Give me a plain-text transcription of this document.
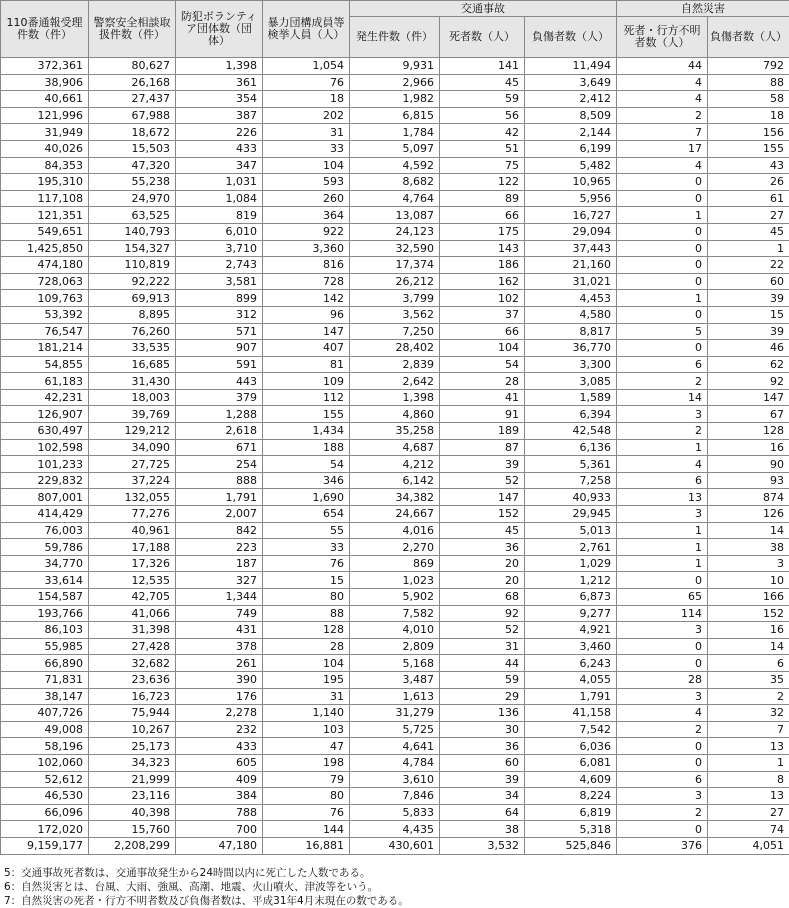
110番通報受理件数（件）	警察安全相談取扱件数（件）	防犯ボランティア団体数（団体）	暴力団構成員等検挙人員（人）	交通事故			自然災害	
				発生件数（件）	死者数（人）	負傷者数（人）	死者・行方不明者数（人）	負傷者数（人）
372,361	80,627	1,398	1,054	9,931	141	11,494	44	792
38,906	26,168	361	76	2,966	45	3,649	4	88
40,661	27,437	354	18	1,982	59	2,412	4	58
121,996	67,988	387	202	6,815	56	8,509	2	18
31,949	18,672	226	31	1,784	42	2,144	7	156
40,026	15,503	433	33	5,097	51	6,199	17	155
84,353	47,320	347	104	4,592	75	5,482	4	43
195,310	55,238	1,031	593	8,682	122	10,965	0	26
117,108	24,970	1,084	260	4,764	89	5,956	0	61
121,351	63,525	819	364	13,087	66	16,727	1	27
549,651	140,793	6,010	922	24,123	175	29,094	0	45
1,425,850	154,327	3,710	3,360	32,590	143	37,443	0	1
474,180	110,819	2,743	816	17,374	186	21,160	0	22
728,063	92,222	3,581	728	26,212	162	31,021	0	60
109,763	69,913	899	142	3,799	102	4,453	1	39
53,392	8,895	312	96	3,562	37	4,580	0	15
76,547	76,260	571	147	7,250	66	8,817	5	39
181,214	33,535	907	407	28,402	104	36,770	0	46
54,855	16,685	591	81	2,839	54	3,300	6	62
61,183	31,430	443	109	2,642	28	3,085	2	92
42,231	18,003	379	112	1,398	41	1,589	14	147
126,907	39,769	1,288	155	4,860	91	6,394	3	67
630,497	129,212	2,618	1,434	35,258	189	42,548	2	128
102,598	34,090	671	188	4,687	87	6,136	1	16
101,233	27,725	254	54	4,212	39	5,361	4	90
229,832	37,224	888	346	6,142	52	7,258	6	93
807,001	132,055	1,791	1,690	34,382	147	40,933	13	874
414,429	77,276	2,007	654	24,667	152	29,945	3	126
76,003	40,961	842	55	4,016	45	5,013	1	14
59,786	17,188	223	33	2,270	36	2,761	1	38
34,770	17,326	187	76	869	20	1,029	1	3
33,614	12,535	327	15	1,023	20	1,212	0	10
154,587	42,705	1,344	80	5,902	68	6,873	65	166
193,766	41,066	749	88	7,582	92	9,277	114	152
86,103	31,398	431	128	4,010	52	4,921	3	16
55,985	27,428	378	28	2,809	31	3,460	0	14
66,890	32,682	261	104	5,168	44	6,243	0	6
71,831	23,636	390	195	3,487	59	4,055	28	35
38,147	16,723	176	31	1,613	29	1,791	3	2
407,726	75,944	2,278	1,140	31,279	136	41,158	4	32
49,008	10,267	232	103	5,725	30	7,542	2	7
58,196	25,173	433	47	4,641	36	6,036	0	13
102,060	34,323	605	198	4,784	60	6,081	0	1
52,612	21,999	409	79	3,610	39	4,609	6	8
46,530	23,116	384	80	7,846	34	8,224	3	13
66,096	40,398	788	76	5,833	64	6,819	2	27
172,020	15,760	700	144	4,435	38	5,318	0	74
9,159,177	2,208,299	47,180	16,881	430,601	3,532	525,846	376	4,051
5：交通事故死者数は、交通事故発生から24時間以内に死亡した人数である。
6：自然災害とは、台風、大雨、強風、高潮、地震、火山噴火、津波等をいう。
7：自然災害の死者・行方不明者数及び負傷者数は、平成31年4月末現在の数である。
